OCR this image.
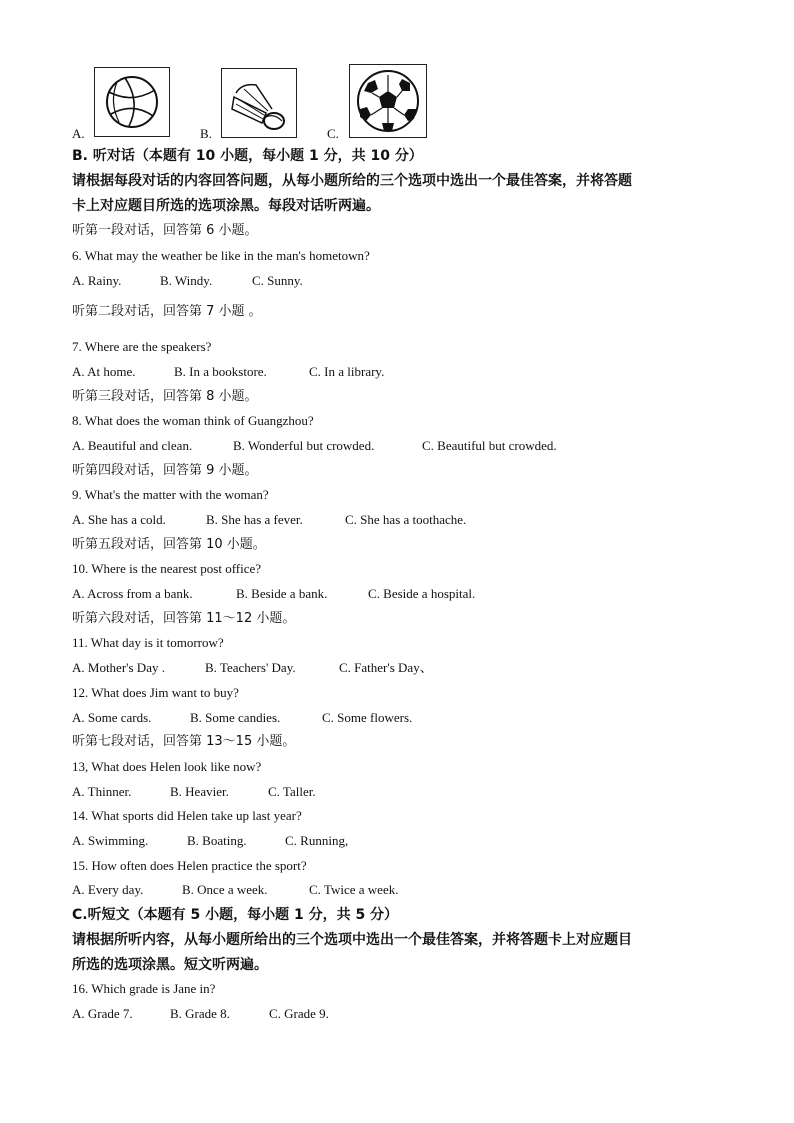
A.	B.	C.
B. 听对话（本题有 10 小题，每小题 1 分，共 10 分）
请根据每段对话的内容回答问题，从每小题所给的三个选项中选出一个最佳答案，并将答题
卡上对应题目所选的选项涂黑。每段对话听两遍。
听第一段对话，回答第 6 小题。
6. What may the weather be like in the man's hometown?
A. Rainy.	B. Windy.	C. Sunny.
听第二段对话，回答第 7 小题 。
7. Where are the speakers?
A. At home.	B. In a bookstore.	C. In a library.
听第三段对话，回答第 8 小题。
8. What does the woman think of Guangzhou?
A. Beautiful and clean.	B. Wonderful but crowded.	C. Beautiful but crowded.
听第四段对话，回答第 9 小题。
9. What's the matter with the woman?
A. She has a cold.	B. She has a fever.	C. She has a toothache.
听第五段对话，回答第 10 小题。
10. Where is the nearest post office?
A. Across from a bank.	B. Beside a bank.	C. Beside a hospital.
听第六段对话，回答第 11～12 小题。
11. What day is it tomorrow?
A. Mother's Day .	B. Teachers' Day.	C. Father's Day、
12. What does Jim want to buy?
A. Some cards.	B. Some candies.	C. Some flowers.
听第七段对话，回答第 13～15 小题。
13, What does Helen look like now?
A. Thinner.	B. Heavier.	C. Taller.
14. What sports did Helen take up last year?
A. Swimming.	B. Boating.	C. Running,
15. How often does Helen practice the sport?
A. Every day.	B. Once a week.	C. Twice a week.
C.听短文（本题有 5 小题，每小题 1 分，共 5 分）
请根据所听内容，从每小题所给出的三个选项中选出一个最佳答案，并将答题卡上对应题目
所选的选项涂黑。短文听两遍。
16. Which grade is Jane in?
A. Grade 7.	B. Grade 8.	C. Grade 9.
